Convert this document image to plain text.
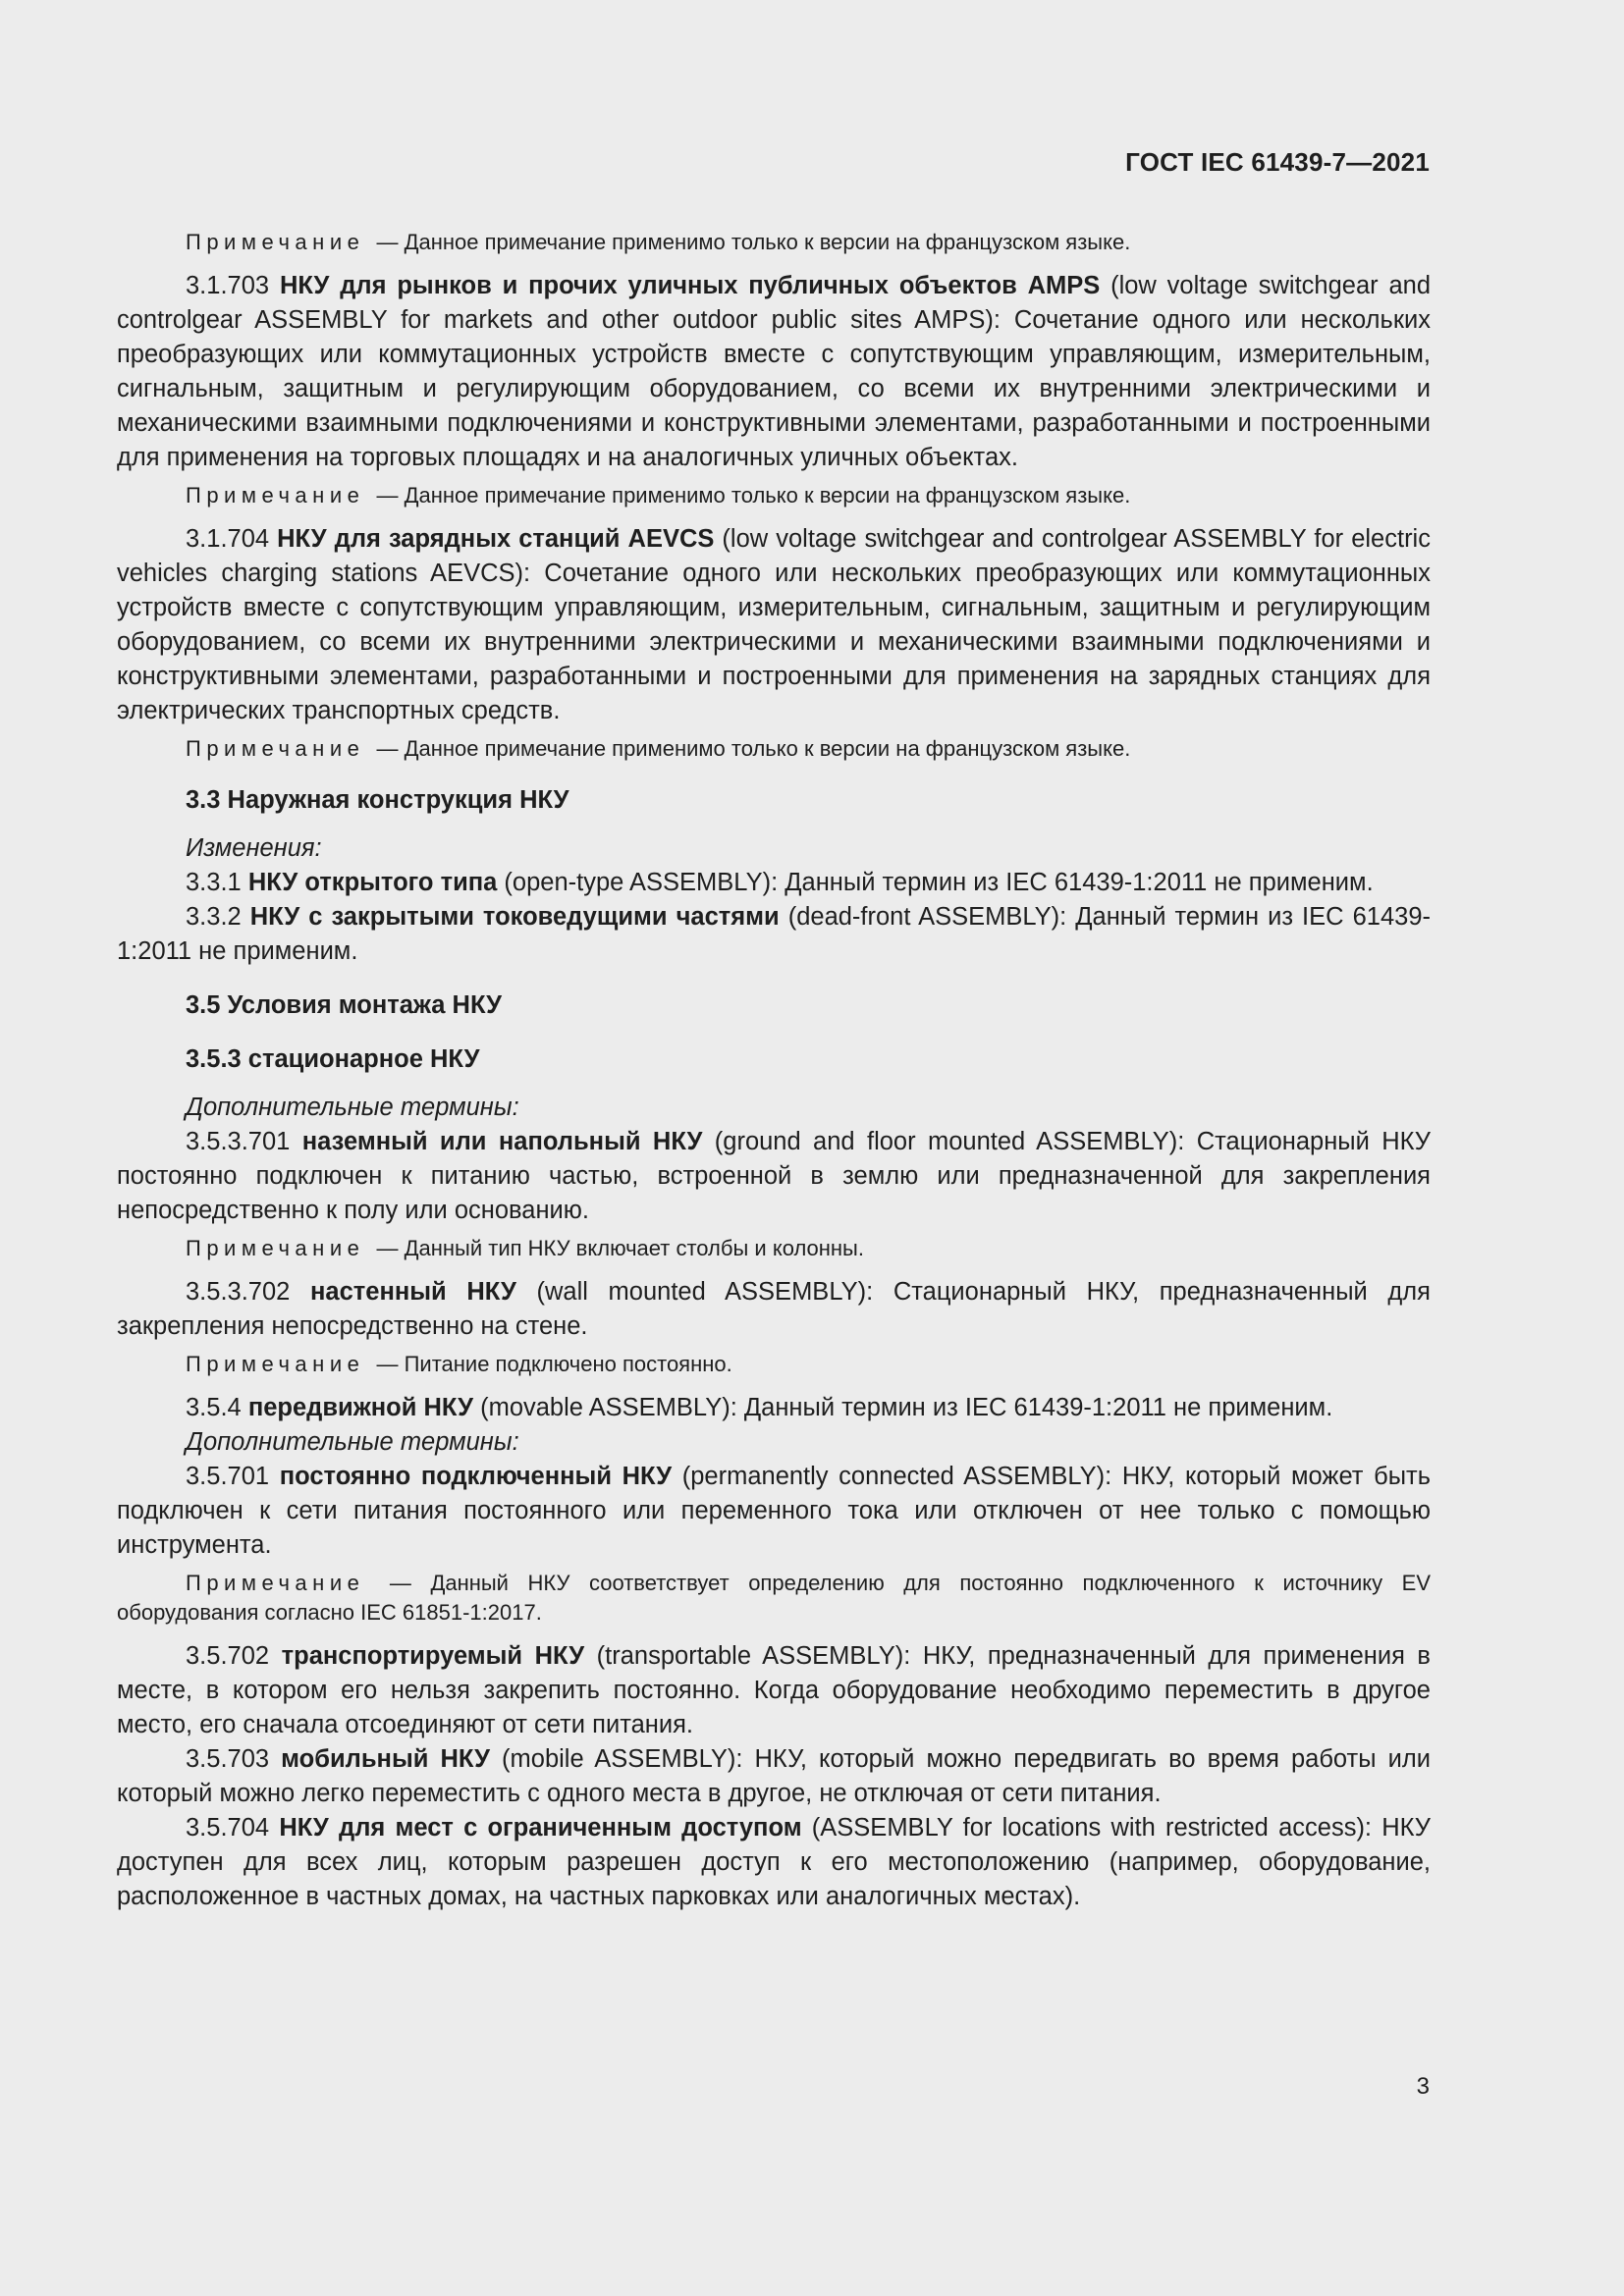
ГОСТ IEC 61439-7—2021

Примечание — Данное примечание применимо только к версии на французском языке.

3.1.703 НКУ для рынков и прочих уличных публичных объектов AMPS (low voltage switchgear and controlgear ASSEMBLY for markets and other outdoor public sites AMPS): Сочетание одного или нескольких преобразующих или коммутационных устройств вместе с сопутствующим управляющим, измерительным, сигнальным, защитным и регулирующим оборудованием, со всеми их внутренними электрическими и механическими взаимными подключениями и конструктивными элементами, разработанными и построенными для применения на торговых площадях и на аналогичных уличных объектах.

Примечание — Данное примечание применимо только к версии на французском языке.

3.1.704 НКУ для зарядных станций AEVCS (low voltage switchgear and controlgear ASSEMBLY for electric vehicles charging stations AEVCS): Сочетание одного или нескольких преобразующих или коммутационных устройств вместе с сопутствующим управляющим, измерительным, сигнальным, защитным и регулирующим оборудованием, со всеми их внутренними электрическими и механическими взаимными подключениями и конструктивными элементами, разработанными и построенными для применения на зарядных станциях для электрических транспортных средств.

Примечание — Данное примечание применимо только к версии на французском языке.

3.3 Наружная конструкция НКУ

Изменения:

3.3.1 НКУ открытого типа (open-type ASSEMBLY): Данный термин из IEC 61439-1:2011 не применим.

3.3.2 НКУ с закрытыми токоведущими частями (dead-front ASSEMBLY): Данный термин из IEC 61439-1:2011 не применим.

3.5 Условия монтажа НКУ

3.5.3 стационарное НКУ

Дополнительные термины:

3.5.3.701 наземный или напольный НКУ (ground and floor mounted ASSEMBLY): Стационарный НКУ постоянно подключен к питанию частью, встроенной в землю или предназначенной для закрепления непосредственно к полу или основанию.

Примечание — Данный тип НКУ включает столбы и колонны.

3.5.3.702 настенный НКУ (wall mounted ASSEMBLY): Стационарный НКУ, предназначенный для закрепления непосредственно на стене.

Примечание — Питание подключено постоянно.

3.5.4 передвижной НКУ (movable ASSEMBLY): Данный термин из IEC 61439-1:2011 не применим.

Дополнительные термины:

3.5.701 постоянно подключенный НКУ (permanently connected ASSEMBLY): НКУ, который может быть подключен к сети питания постоянного или переменного тока или отключен от нее только с помощью инструмента.

Примечание — Данный НКУ соответствует определению для постоянно подключенного к источнику EV оборудования согласно IEC 61851-1:2017.

3.5.702 транспортируемый НКУ (transportable ASSEMBLY): НКУ, предназначенный для применения в месте, в котором его нельзя закрепить постоянно. Когда оборудование необходимо переместить в другое место, его сначала отсоединяют от сети питания.

3.5.703 мобильный НКУ (mobile ASSEMBLY): НКУ, который можно передвигать во время работы или который можно легко переместить с одного места в другое, не отключая от сети питания.

3.5.704 НКУ для мест с ограниченным доступом (ASSEMBLY for locations with restricted access): НКУ доступен для всех лиц, которым разрешен доступ к его местоположению (например, оборудование, расположенное в частных домах, на частных парковках или аналогичных местах).

3
